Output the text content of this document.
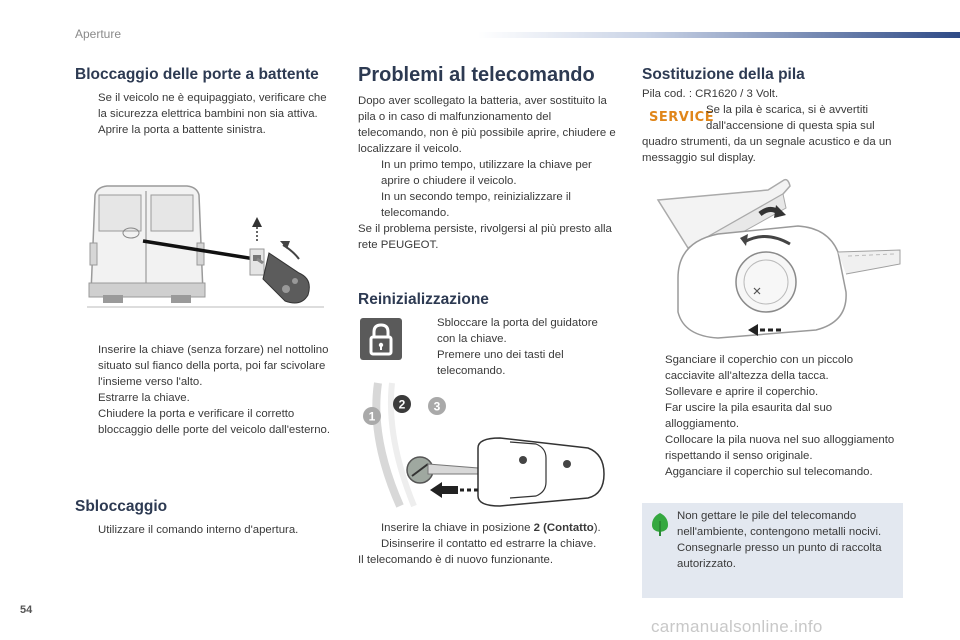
Aperture
Bloccaggio delle porte a battente
Se il veicolo ne è equipaggiato, verificare che la sicurezza elettrica bambini non sia attiva.
Aprire la porta a battente sinistra.
Inserire la chiave (senza forzare) nel nottolino situato sul fianco della porta, poi far scivolare l'insieme verso l'alto.
Estrarre la chiave.
Chiudere la porta e verificare il corretto bloccaggio delle porte del veicolo dall'esterno.
Sbloccaggio
Utilizzare il comando interno d'apertura.
Problemi al telecomando

Dopo aver scollegato la batteria, aver sostituito la pila o in caso di malfunzionamento del telecomando, non è più possibile aprire, chiudere e localizzare il veicolo.

In un primo tempo, utilizzare la chiave per aprire o chiudere il veicolo.
In un secondo tempo, reinizializzare il telecomando.

Se il problema persiste, rivolgersi al più presto alla rete PEUGEOT.

Reinizializzazione
Sbloccare la porta del guidatore con la chiave.
Premere uno dei tasti del telecomando.
1
2 3
Inserire la chiave in posizione 2 (Contatto).
Disinserire il contatto ed estrarre la chiave.

Il telecomando è di nuovo funzionante.

Sostituzione della pila
Pila cod. : CR1620 / 3 Volt.
SERVICE
Se la pila è scarica, si è avvertiti
dall'accensione di questa spia sul
quadro strumenti, da un segnale acustico e da un messaggio sul display.
Sganciare il coperchio con un piccolo cacciavite all'altezza della tacca.
Sollevare e aprire il coperchio.
Far uscire la pila esaurita dal suo alloggiamento.
Collocare la pila nuova nel suo alloggiamento rispettando il senso originale.
Agganciare il coperchio sul telecomando.

Non gettare le pile del telecomando nell'ambiente, contengono metalli nocivi.

Consegnarle presso un punto di raccolta autorizzato.

54
carmanualsonline.info
